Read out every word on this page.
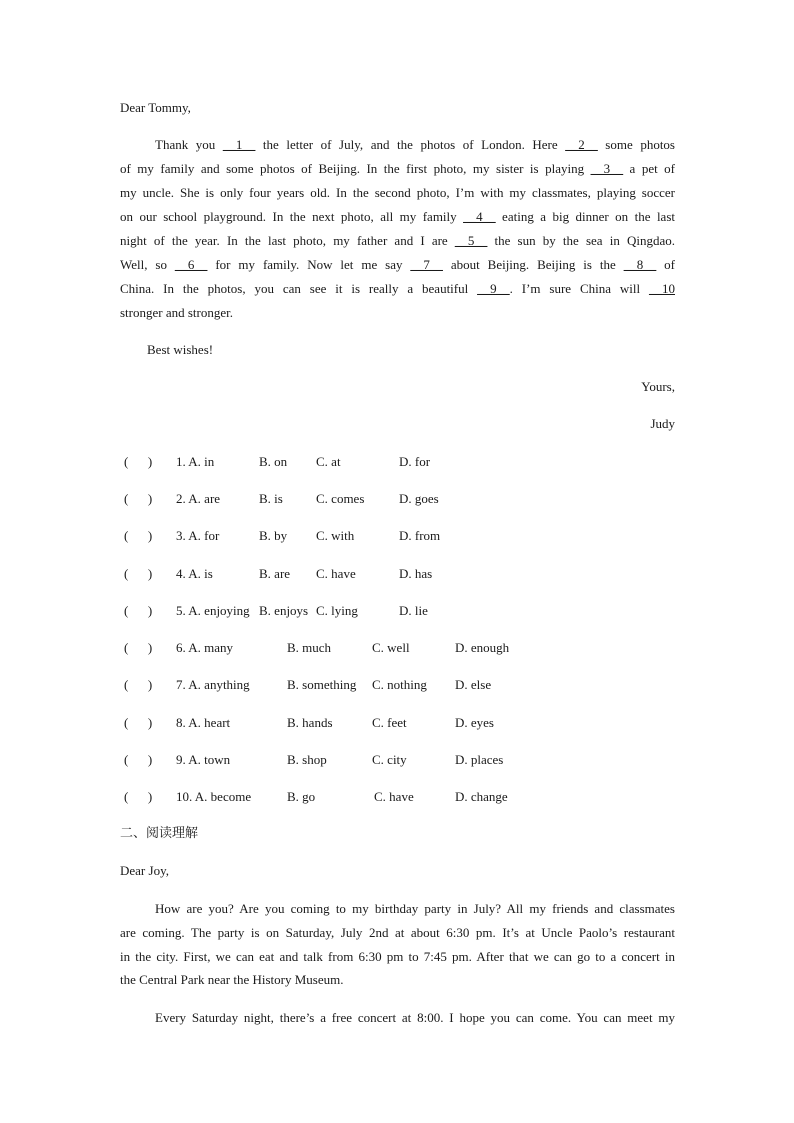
Dear Tommy,
Thank you __1__ the letter of July, and the photos of London. Here __2__ some photos
of my family and some photos of Beijing. In the first photo, my sister is playing __3__ a pet of
my uncle. She is only four years old. In the second photo, I’m with my classmates, playing soccer
on our school playground. In the next photo, all my family __4__ eating a big dinner on the last
night of the year. In the last photo, my father and I are __5__ the sun by the sea in Qingdao.
Well, so __6__ for my family. Now let me say __7__ about Beijing. Beijing is the __8__ of
China. In the photos, you can see it is really a beautiful __9__. I’m sure China will __10
stronger and stronger.
Best wishes!
Yours,
Judy
(      ) 1. A. in	B. on C. at	D. for
(      ) 2. A. are	B. is	C. comes	D. goes
(      ) 3. A. for	B. by C. with	D. from
(      ) 4. A. is	B. are C. have	D. has
(      ) 5. A. enjoying B. enjoys C. lying	D. lie
(      ) 6. A. many	B. much	C. well	D. enough
(      ) 7. A. anything	B. something C. nothing D. else
(      ) 8. A. heart	B. hands	C. feet	D. eyes
(      ) 9. A. town	B. shop	C. city	D. places
(      ) 10. A. become	B. go	C. have	D. change
二、阅读理解
Dear Joy,
How are you? Are you coming to my birthday party in July? All my friends and classmates
are coming. The party is on Saturday, July 2nd at about 6:30 pm. It’s at Uncle Paolo’s restaurant
in the city. First, we can eat and talk from 6:30 pm to 7:45 pm. After that we can go to a concert in
the Central Park near the History Museum.
Every Saturday night, there’s a free concert at 8:00. I hope you can come. You can meet my
